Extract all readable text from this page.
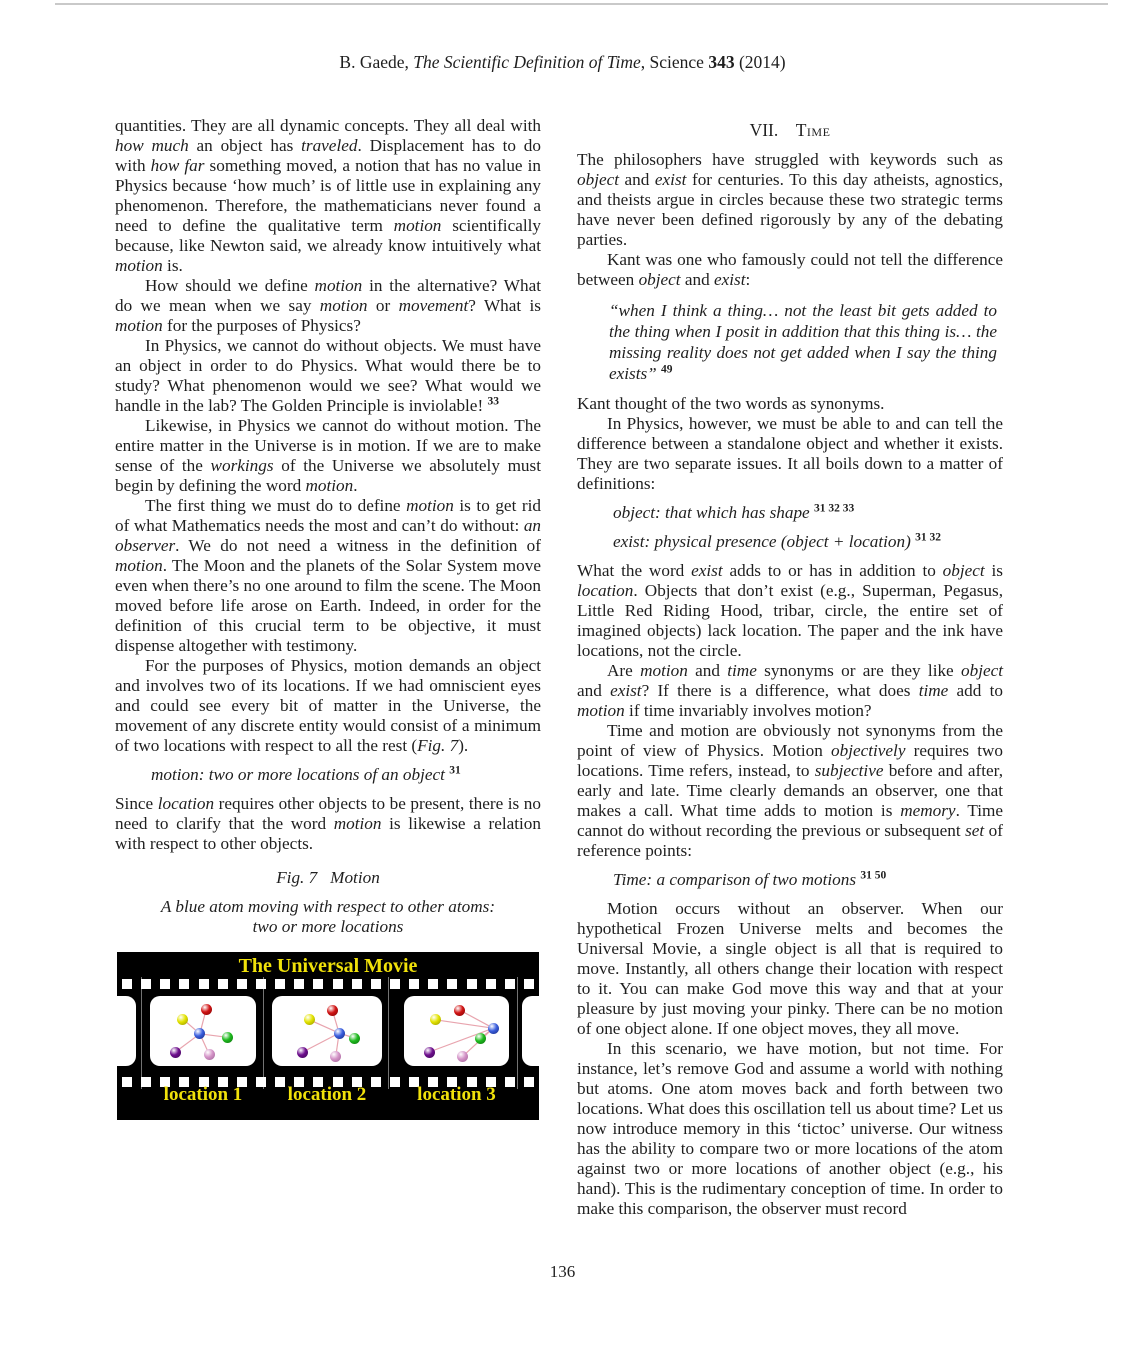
B. Gaede, The Scientific Definition of Time, Science 343 (2014)

quantities. They are all dynamic concepts. They all deal with how much an object has traveled. Displacement has to do with how far something moved, a notion that has no value in Physics because ‘how much’ is of little use in explaining any phenomenon. Therefore, the mathematicians never found a need to define the qualitative term motion scientifically because, like Newton said, we already know intuitively what motion is.

How should we define motion in the alternative? What do we mean when we say motion or movement? What is motion for the purposes of Physics?

In Physics, we cannot do without objects. We must have an object in order to do Physics. What would there be to study? What phenomenon would we see? What would we handle in the lab? The Golden Principle is inviolable! $^{33}$

Likewise, in Physics we cannot do without motion. The entire matter in the Universe is in motion. If we are to make sense of the workings of the Universe we absolutely must begin by defining the word motion.

The first thing we must do to define motion is to get rid of what Mathematics needs the most and can’t do without: an observer. We do not need a witness in the definition of motion. The Moon and the planets of the Solar System move even when there’s no one around to film the scene. The Moon moved before life arose on Earth. Indeed, in order for the definition of this crucial term to be objective, it must dispense altogether with testimony.

For the purposes of Physics, motion demands an object and involves two of its locations. If we had omniscient eyes and could see every bit of matter in the Universe, the movement of any discrete entity would consist of a minimum of two locations with respect to all the rest (Fig. 7).

motion: two or more locations of an object $^{31}$

Since location requires other objects to be present, there is no need to clarify that the word motion is likewise a relation with respect to other objects.

Fig. 7   Motion

A blue atom moving with respect to other atoms:
two or more locations

The Universal Movie
location 1	location 2	location 3
VII.   Time

The philosophers have struggled with keywords such as object and exist for centuries. To this day atheists, agnostics, and theists argue in circles because these two strategic terms have never been defined rigorously by any of the debating parties.

Kant was one who famously could not tell the difference between object and exist:

“when I think a thing… not the least bit gets added to the thing when I posit in addition that this thing is… the missing reality does not get added when I say the thing exists” $^{49}$

Kant thought of the two words as synonyms.

In Physics, however, we must be able to and can tell the difference between a standalone object and whether it exists. They are two separate issues. It all boils down to a matter of definitions:

object: that which has shape $^{31 32 33}$

exist: physical presence (object + location) $^{31 32}$

What the word exist adds to or has in addition to object is location. Objects that don’t exist (e.g., Superman, Pegasus, Little Red Riding Hood, tribar, circle, the entire set of imagined objects) lack location. The paper and the ink have locations, not the circle.

Are motion and time synonyms or are they like object and exist? If there is a difference, what does time add to motion if time invariably involves motion?

Time and motion are obviously not synonyms from the point of view of Physics. Motion objectively requires two locations. Time refers, instead, to subjective before and after, early and late. Time clearly demands an observer, one that makes a call. What time adds to motion is memory. Time cannot do without recording the previous or subsequent set of reference points:

Time: a comparison of two motions $^{31 50}$

Motion occurs without an observer. When our hypothetical Frozen Universe melts and becomes the Universal Movie, a single object is all that is required to move. Instantly, all others change their location with respect to it. You can make God move this way and that at your pleasure by just moving your pinky. There can be no motion of one object alone. If one object moves, they all move.

In this scenario, we have motion, but not time. For instance, let’s remove God and assume a world with nothing but atoms. One atom moves back and forth between two locations. What does this oscillation tell us about time? Let us now introduce memory in this ‘tictoc’ universe. Our witness has the ability to compare two or more locations of the atom against two or more locations of another object (e.g., his hand). This is the rudimentary conception of time. In order to make this comparison, the observer must record

136
